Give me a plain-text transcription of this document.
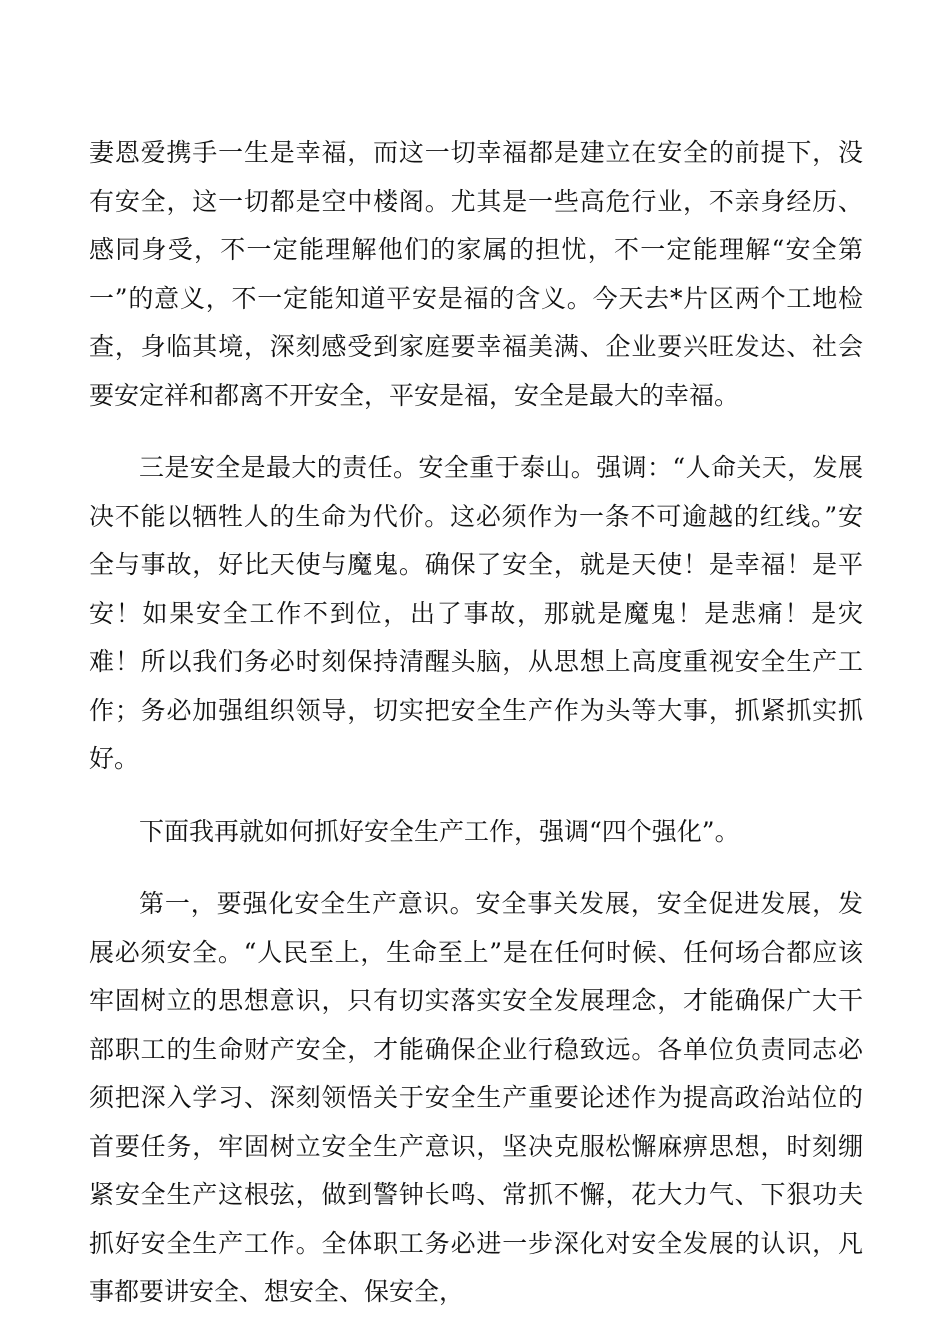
妻恩爱携手一生是幸福，而这一切幸福都是建立在安全的前提下，没有安全，这一切都是空中楼阁。尤其是一些高危行业，不亲身经历、感同身受，不一定能理解他们的家属的担忧，不一定能理解“安全第一”的意义，不一定能知道平安是福的含义。今天去*片区两个工地检查，身临其境，深刻感受到家庭要幸福美满、企业要兴旺发达、社会要安定祥和都离不开安全，平安是福，安全是最大的幸福。

三是安全是最大的责任。安全重于泰山。强调：“人命关天，发展决不能以牺牲人的生命为代价。这必须作为一条不可逾越的红线。”安全与事故，好比天使与魔鬼。确保了安全，就是天使！是幸福！是平安！如果安全工作不到位，出了事故，那就是魔鬼！是悲痛！是灾难！所以我们务必时刻保持清醒头脑，从思想上高度重视安全生产工作；务必加强组织领导，切实把安全生产作为头等大事，抓紧抓实抓好。

下面我再就如何抓好安全生产工作，强调“四个强化”。

第一，要强化安全生产意识。安全事关发展，安全促进发展，发展必须安全。“人民至上，生命至上”是在任何时候、任何场合都应该牢固树立的思想意识，只有切实落实安全发展理念，才能确保广大干部职工的生命财产安全，才能确保企业行稳致远。各单位负责同志必须把深入学习、深刻领悟关于安全生产重要论述作为提高政治站位的首要任务，牢固树立安全生产意识，坚决克服松懈麻痹思想，时刻绷紧安全生产这根弦，做到警钟长鸣、常抓不懈，花大力气、下狠功夫抓好安全生产工作。全体职工务必进一步深化对安全发展的认识，凡事都要讲安全、想安全、保安全，
